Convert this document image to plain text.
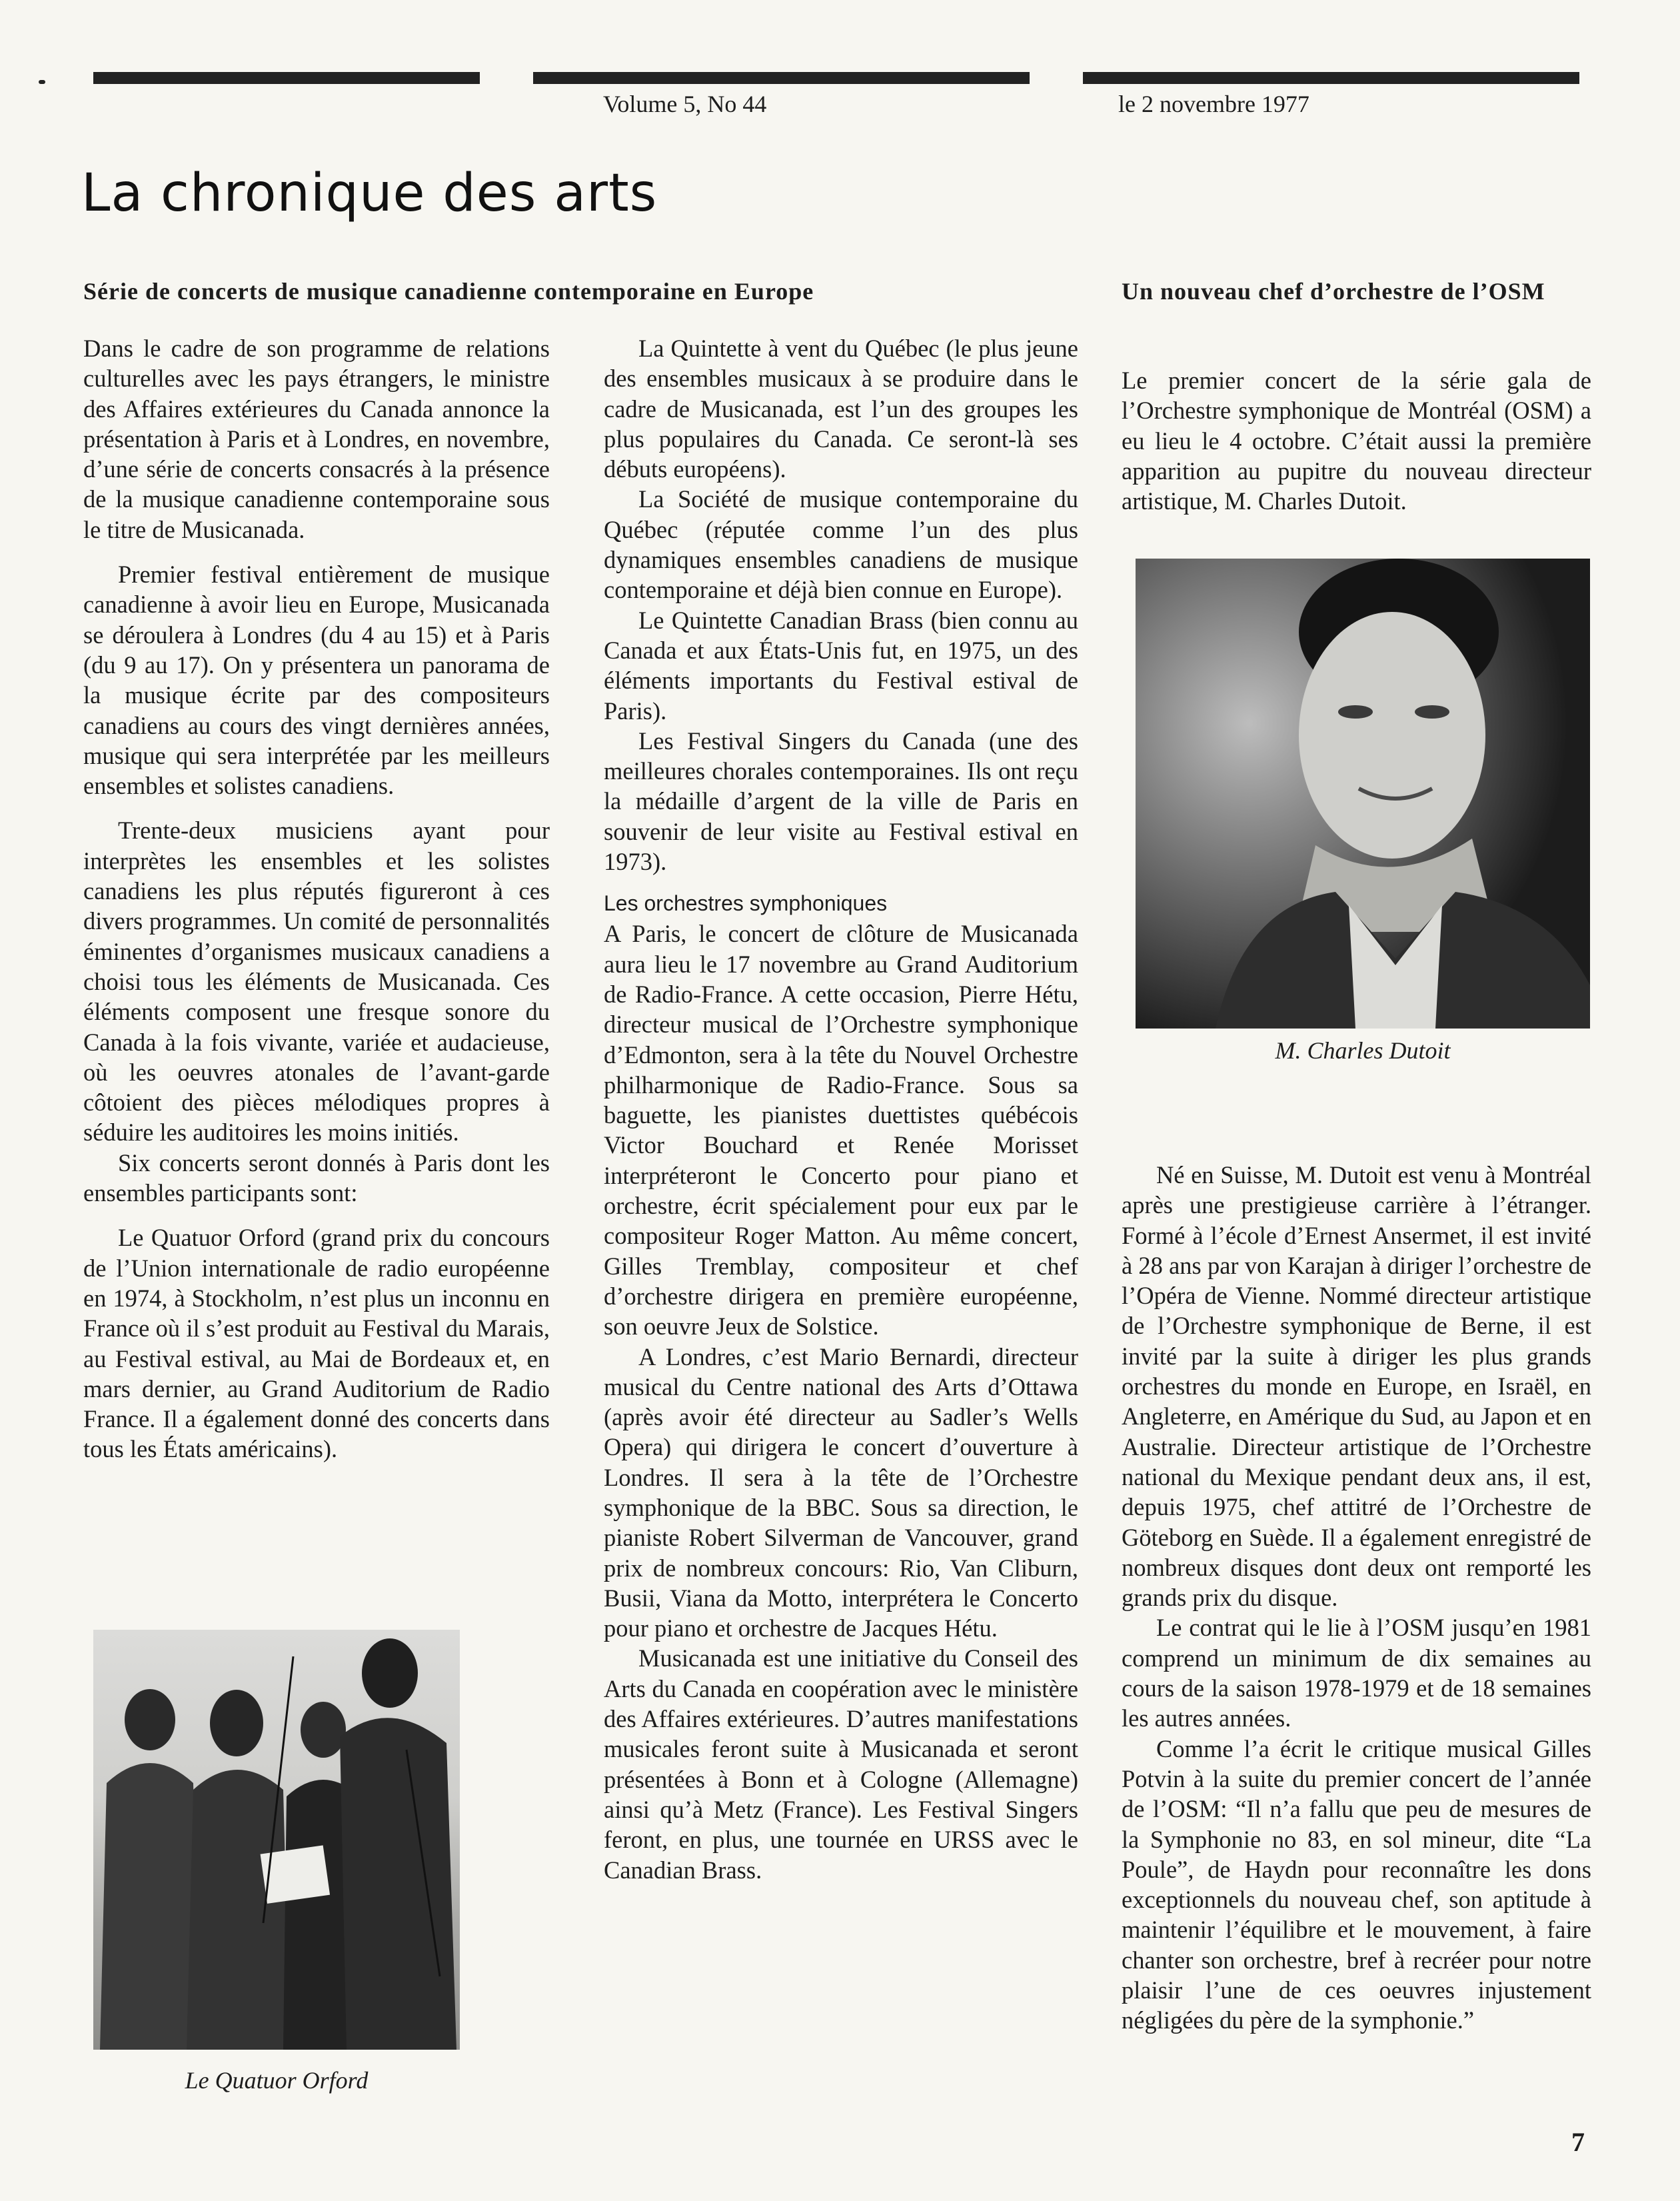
Volume 5, No 44	le 2 novembre 1977
La chronique des arts
Série de concerts de musique canadienne contemporaine en Europe	Un nouveau chef d’orchestre de l’OSM

Dans le cadre de son programme de relations culturelles avec les pays étrangers, le ministre des Affaires extérieures du Canada annonce la présentation à Paris et à Londres, en novembre, d’une série de concerts consacrés à la présence de la musique canadienne contemporaine sous le titre de Musicanada.

Premier festival entièrement de musique canadienne à avoir lieu en Europe, Musicanada se déroulera à Londres (du 4 au 15) et à Paris (du 9 au 17). On y présentera un panorama de la musique écrite par des compositeurs canadiens au cours des vingt dernières années, musique qui sera interprétée par les meilleurs ensembles et solistes canadiens.

Trente-deux musiciens ayant pour interprètes les ensembles et les solistes canadiens les plus réputés figureront à ces divers programmes. Un comité de personnalités éminentes d’organismes musicaux canadiens a choisi tous les éléments de Musicanada. Ces éléments composent une fresque sonore du Canada à la fois vivante, variée et audacieuse, où les oeuvres atonales de l’avant-garde côtoient des pièces mélodiques propres à séduire les auditoires les moins initiés.

Six concerts seront donnés à Paris dont les ensembles participants sont:

Le Quatuor Orford (grand prix du concours de l’Union internationale de radio européenne en 1974, à Stockholm, n’est plus un inconnu en France où il s’est produit au Festival du Marais, au Festival estival, au Mai de Bordeaux et, en mars dernier, au Grand Auditorium de Radio France. Il a également donné des concerts dans tous les États américains).

Le Quatuor Orford

La Quintette à vent du Québec (le plus jeune des ensembles musicaux à se produire dans le cadre de Musicanada, est l’un des groupes les plus populaires du Canada. Ce seront-là ses débuts européens).

La Société de musique contemporaine du Québec (réputée comme l’un des plus dynamiques ensembles canadiens de musique contemporaine et déjà bien connue en Europe).

Le Quintette Canadian Brass (bien connu au Canada et aux États-Unis fut, en 1975, un des éléments importants du Festival estival de Paris).

Les Festival Singers du Canada (une des meilleures chorales contemporaines. Ils ont reçu la médaille d’argent de la ville de Paris en souvenir de leur visite au Festival estival en 1973).

Les orchestres symphoniques

A Paris, le concert de clôture de Musicanada aura lieu le 17 novembre au Grand Auditorium de Radio-France. A cette occasion, Pierre Hétu, directeur musical de l’Orchestre symphonique d’Edmonton, sera à la tête du Nouvel Orchestre philharmonique de Radio-France. Sous sa baguette, les pianistes duettistes québécois Victor Bouchard et Renée Morisset interpréteront le Concerto pour piano et orchestre, écrit spécialement pour eux par le compositeur Roger Matton. Au même concert, Gilles Tremblay, compositeur et chef d’orchestre dirigera en première européenne, son oeuvre Jeux de Solstice.

A Londres, c’est Mario Bernardi, directeur musical du Centre national des Arts d’Ottawa (après avoir été directeur au Sadler’s Wells Opera) qui dirigera le concert d’ouverture à Londres. Il sera à la tête de l’Orchestre symphonique de la BBC. Sous sa direction, le pianiste Robert Silverman de Vancouver, grand prix de nombreux concours: Rio, Van Cliburn, Busii, Viana da Motto, interprétera le Concerto pour piano et orchestre de Jacques Hétu.

Musicanada est une initiative du Conseil des Arts du Canada en coopération avec le ministère des Affaires extérieures. D’autres manifestations musicales feront suite à Musicanada et seront présentées à Bonn et à Cologne (Allemagne) ainsi qu’à Metz (France). Les Festival Singers feront, en plus, une tournée en URSS avec le Canadian Brass.

Le premier concert de la série gala de l’Orchestre symphonique de Montréal (OSM) a eu lieu le 4 octobre. C’était aussi la première apparition au pupitre du nouveau directeur artistique, M. Charles Dutoit.

M. Charles Dutoit

Né en Suisse, M. Dutoit est venu à Montréal après une prestigieuse carrière à l’étranger. Formé à l’école d’Ernest Ansermet, il est invité à 28 ans par von Karajan à diriger l’orchestre de l’Opéra de Vienne. Nommé directeur artistique de l’Orchestre symphonique de Berne, il est invité par la suite à diriger les plus grands orchestres du monde en Europe, en Israël, en Angleterre, en Amérique du Sud, au Japon et en Australie. Directeur artistique de l’Orchestre national du Mexique pendant deux ans, il est, depuis 1975, chef attitré de l’Orchestre de Göteborg en Suède. Il a également enregistré de nombreux disques dont deux ont remporté les grands prix du disque.

Le contrat qui le lie à l’OSM jusqu’en 1981 comprend un minimum de dix semaines au cours de la saison 1978-1979 et de 18 semaines les autres années.

Comme l’a écrit le critique musical Gilles Potvin à la suite du premier concert de l’année de l’OSM: “Il n’a fallu que peu de mesures de la Symphonie no 83, en sol mineur, dite “La Poule”, de Haydn pour reconnaître les dons exceptionnels du nouveau chef, son aptitude à maintenir l’équilibre et le mouvement, à faire chanter son orchestre, bref à recréer pour notre plaisir l’une de ces oeuvres injustement négligées du père de la symphonie.”

7
